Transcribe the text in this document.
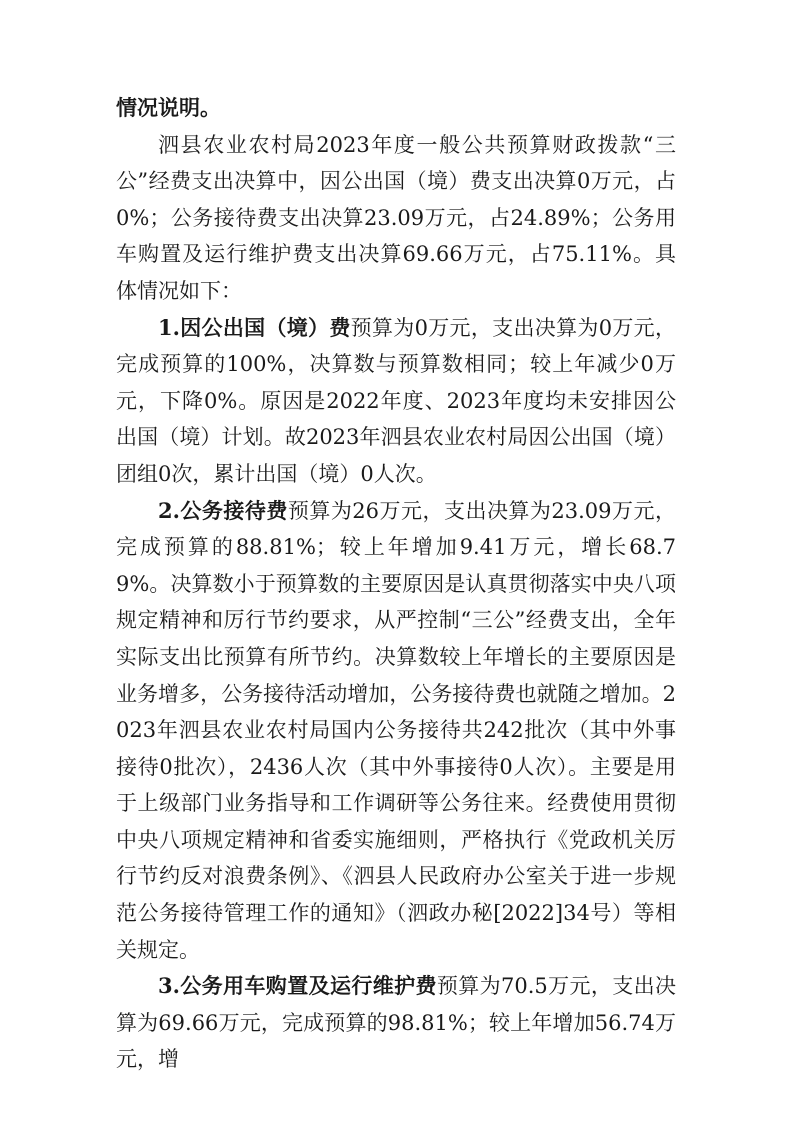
情况说明。

泗县农业农村局2023年度一般公共预算财政拨款“三公”经费支出决算中，因公出国（境）费支出决算0万元，占0%；公务接待费支出决算23.09万元，占24.89%；公务用车购置及运行维护费支出决算69.66万元，占75.11%。具体情况如下：

1.因公出国（境）费预算为0万元，支出决算为0万元，完成预算的100%，决算数与预算数相同；较上年减少0万元，下降0%。原因是2022年度、2023年度均未安排因公出国（境）计划。故2023年泗县农业农村局因公出国（境）团组0次，累计出国（境）0人次。

2.公务接待费预算为26万元，支出决算为23.09万元，完成预算的88.81%；较上年增加9.41万元，增长68.79%。决算数小于预算数的主要原因是认真贯彻落实中央八项规定精神和厉行节约要求，从严控制“三公”经费支出，全年实际支出比预算有所节约。决算数较上年增长的主要原因是业务增多，公务接待活动增加，公务接待费也就随之增加。2023年泗县农业农村局国内公务接待共242批次（其中外事接待0批次），2436人次（其中外事接待0人次）。主要是用于上级部门业务指导和工作调研等公务往来。经费使用贯彻中央八项规定精神和省委实施细则，严格执行《党政机关厉行节约反对浪费条例》、《泗县人民政府办公室关于进一步规范公务接待管理工作的通知》（泗政办秘[2022]34号）等相关规定。

3.公务用车购置及运行维护费预算为70.5万元，支出决算为69.66万元，完成预算的98.81%；较上年增加56.74万元，增
